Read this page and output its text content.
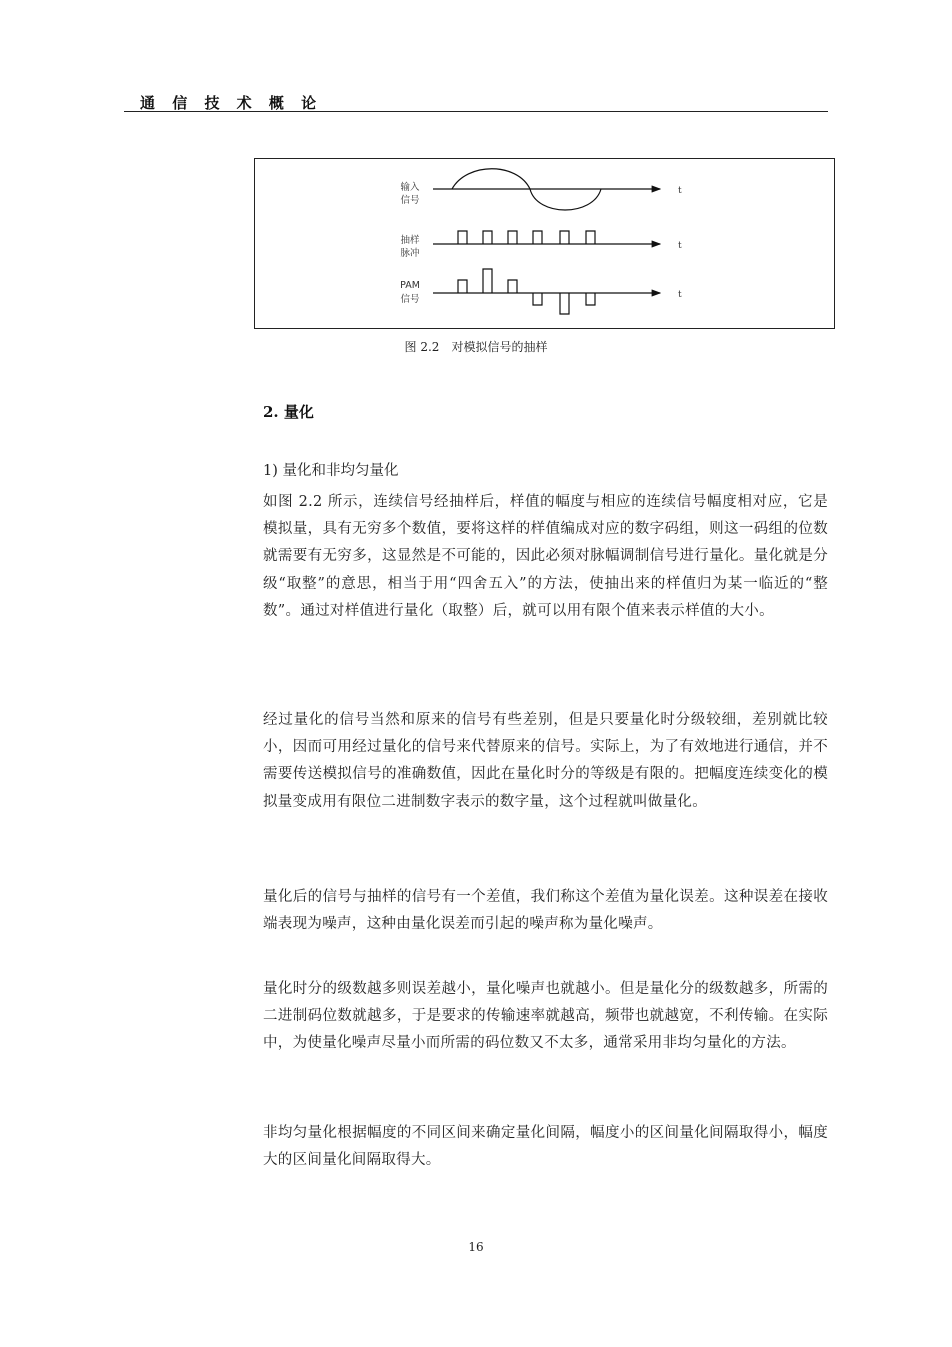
通 信 技 术 概 论
输入
信号
t
抽样
脉冲
t
PAM
信号	t
图 2.2　对模拟信号的抽样
2. 量化
1) 量化和非均匀量化

如图 2.2 所示，连续信号经抽样后，样值的幅度与相应的连续信号幅度相对应，它是模拟量，具有无穷多个数值，要将这样的样值编成对应的数字码组，则这一码组的位数就需要有无穷多，这显然是不可能的，因此必须对脉幅调制信号进行量化。量化就是分级“取整”的意思，相当于用“四舍五入”的方法，使抽出来的样值归为某一临近的“整数”。通过对样值进行量化（取整）后，就可以用有限个值来表示样值的大小。

经过量化的信号当然和原来的信号有些差别，但是只要量化时分级较细，差别就比较小，因而可用经过量化的信号来代替原来的信号。实际上，为了有效地进行通信，并不需要传送模拟信号的准确数值，因此在量化时分的等级是有限的。把幅度连续变化的模拟量变成用有限位二进制数字表示的数字量，这个过程就叫做量化。

量化后的信号与抽样的信号有一个差值，我们称这个差值为量化误差。这种误差在接收端表现为噪声，这种由量化误差而引起的噪声称为量化噪声。

量化时分的级数越多则误差越小，量化噪声也就越小。但是量化分的级数越多，所需的二进制码位数就越多，于是要求的传输速率就越高，频带也就越宽，不利传输。在实际中，为使量化噪声尽量小而所需的码位数又不太多，通常采用非均匀量化的方法。

非均匀量化根据幅度的不同区间来确定量化间隔，幅度小的区间量化间隔取得小，幅度大的区间量化间隔取得大。

16
